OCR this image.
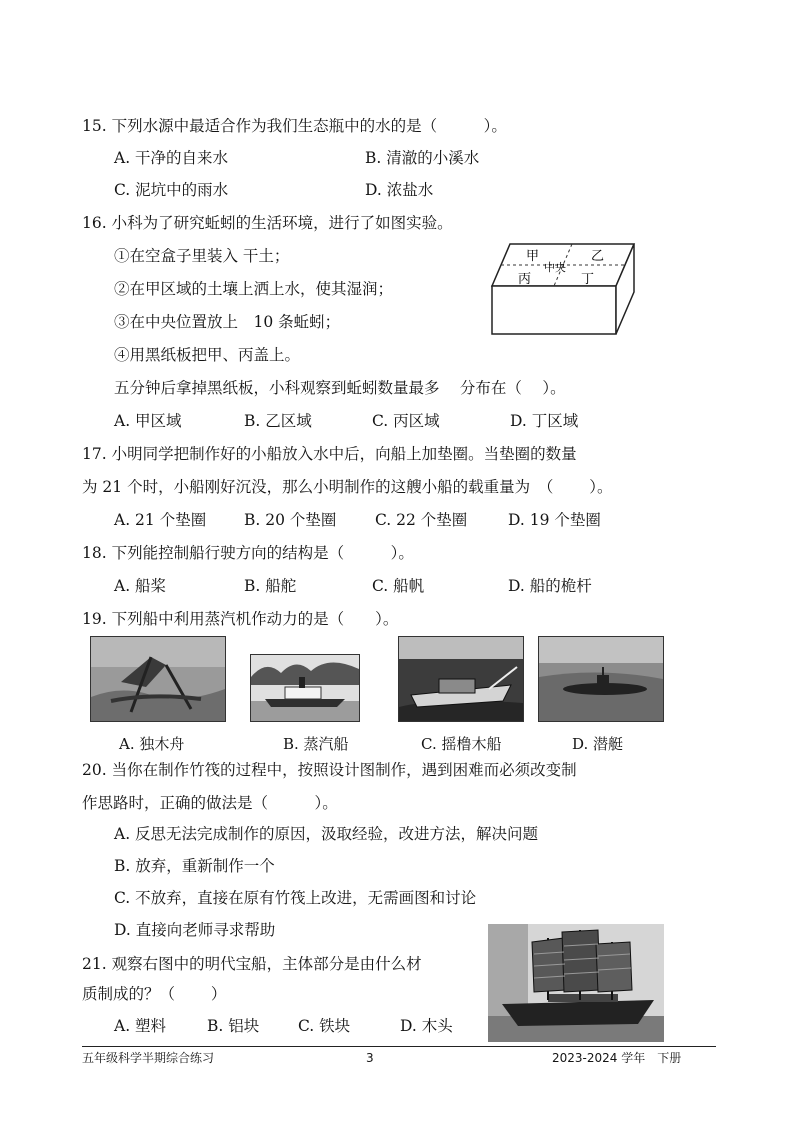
15. 下列水源中最适合作为我们生态瓶中的水的是（　　　）。
A. 干净的自来水	B. 清澈的小溪水
C. 泥坑中的雨水	D. 浓盐水
16. 小科为了研究蚯蚓的生活环境，进行了如图实验。
①在空盒子里装入 干土；
②在甲区域的土壤上洒上水，使其湿润；
③在中央位置放上　10 条蚯蚓；
④用黑纸板把甲、丙盖上。
甲	乙
中央
丙	丁
五分钟后拿掉黑纸板，小科观察到蚯蚓数量最多　 分布在（　 ）。
A. 甲区域	B. 乙区域	C. 丙区域	D. 丁区域
17. 小明同学把制作好的小船放入水中后，向船上加垫圈。当垫圈的数量
为 21 个时，小船刚好沉没，那么小明制作的这艘小船的载重量为　（　　 ）。
A. 21 个垫圈 B. 20 个垫圈 C. 22 个垫圈	D. 19 个垫圈
18. 下列能控制船行驶方向的结构是（　　　）。
A. 船桨	B. 船舵	C. 船帆	D. 船的桅杆
19. 下列船中利用蒸汽机作动力的是（　　）。
A. 独木舟	B. 蒸汽船	C. 摇橹木船	D. 潜艇
20. 当你在制作竹筏的过程中，按照设计图制作，遇到困难而必须改变制
作思路时，正确的做法是（　　　）。
A. 反思无法完成制作的原因，汲取经验，改进方法，解决问题
B. 放弃，重新制作一个
C. 不放弃，直接在原有竹筏上改进，无需画图和讨论
D. 直接向老师寻求帮助
21. 观察右图中的明代宝船，主体部分是由什么材
质制成的？（　　 ）
A. 塑料	B. 铝块	C. 铁块	D. 木头
五年级科学半期综合练习	3	2023-2024 学年　下册
